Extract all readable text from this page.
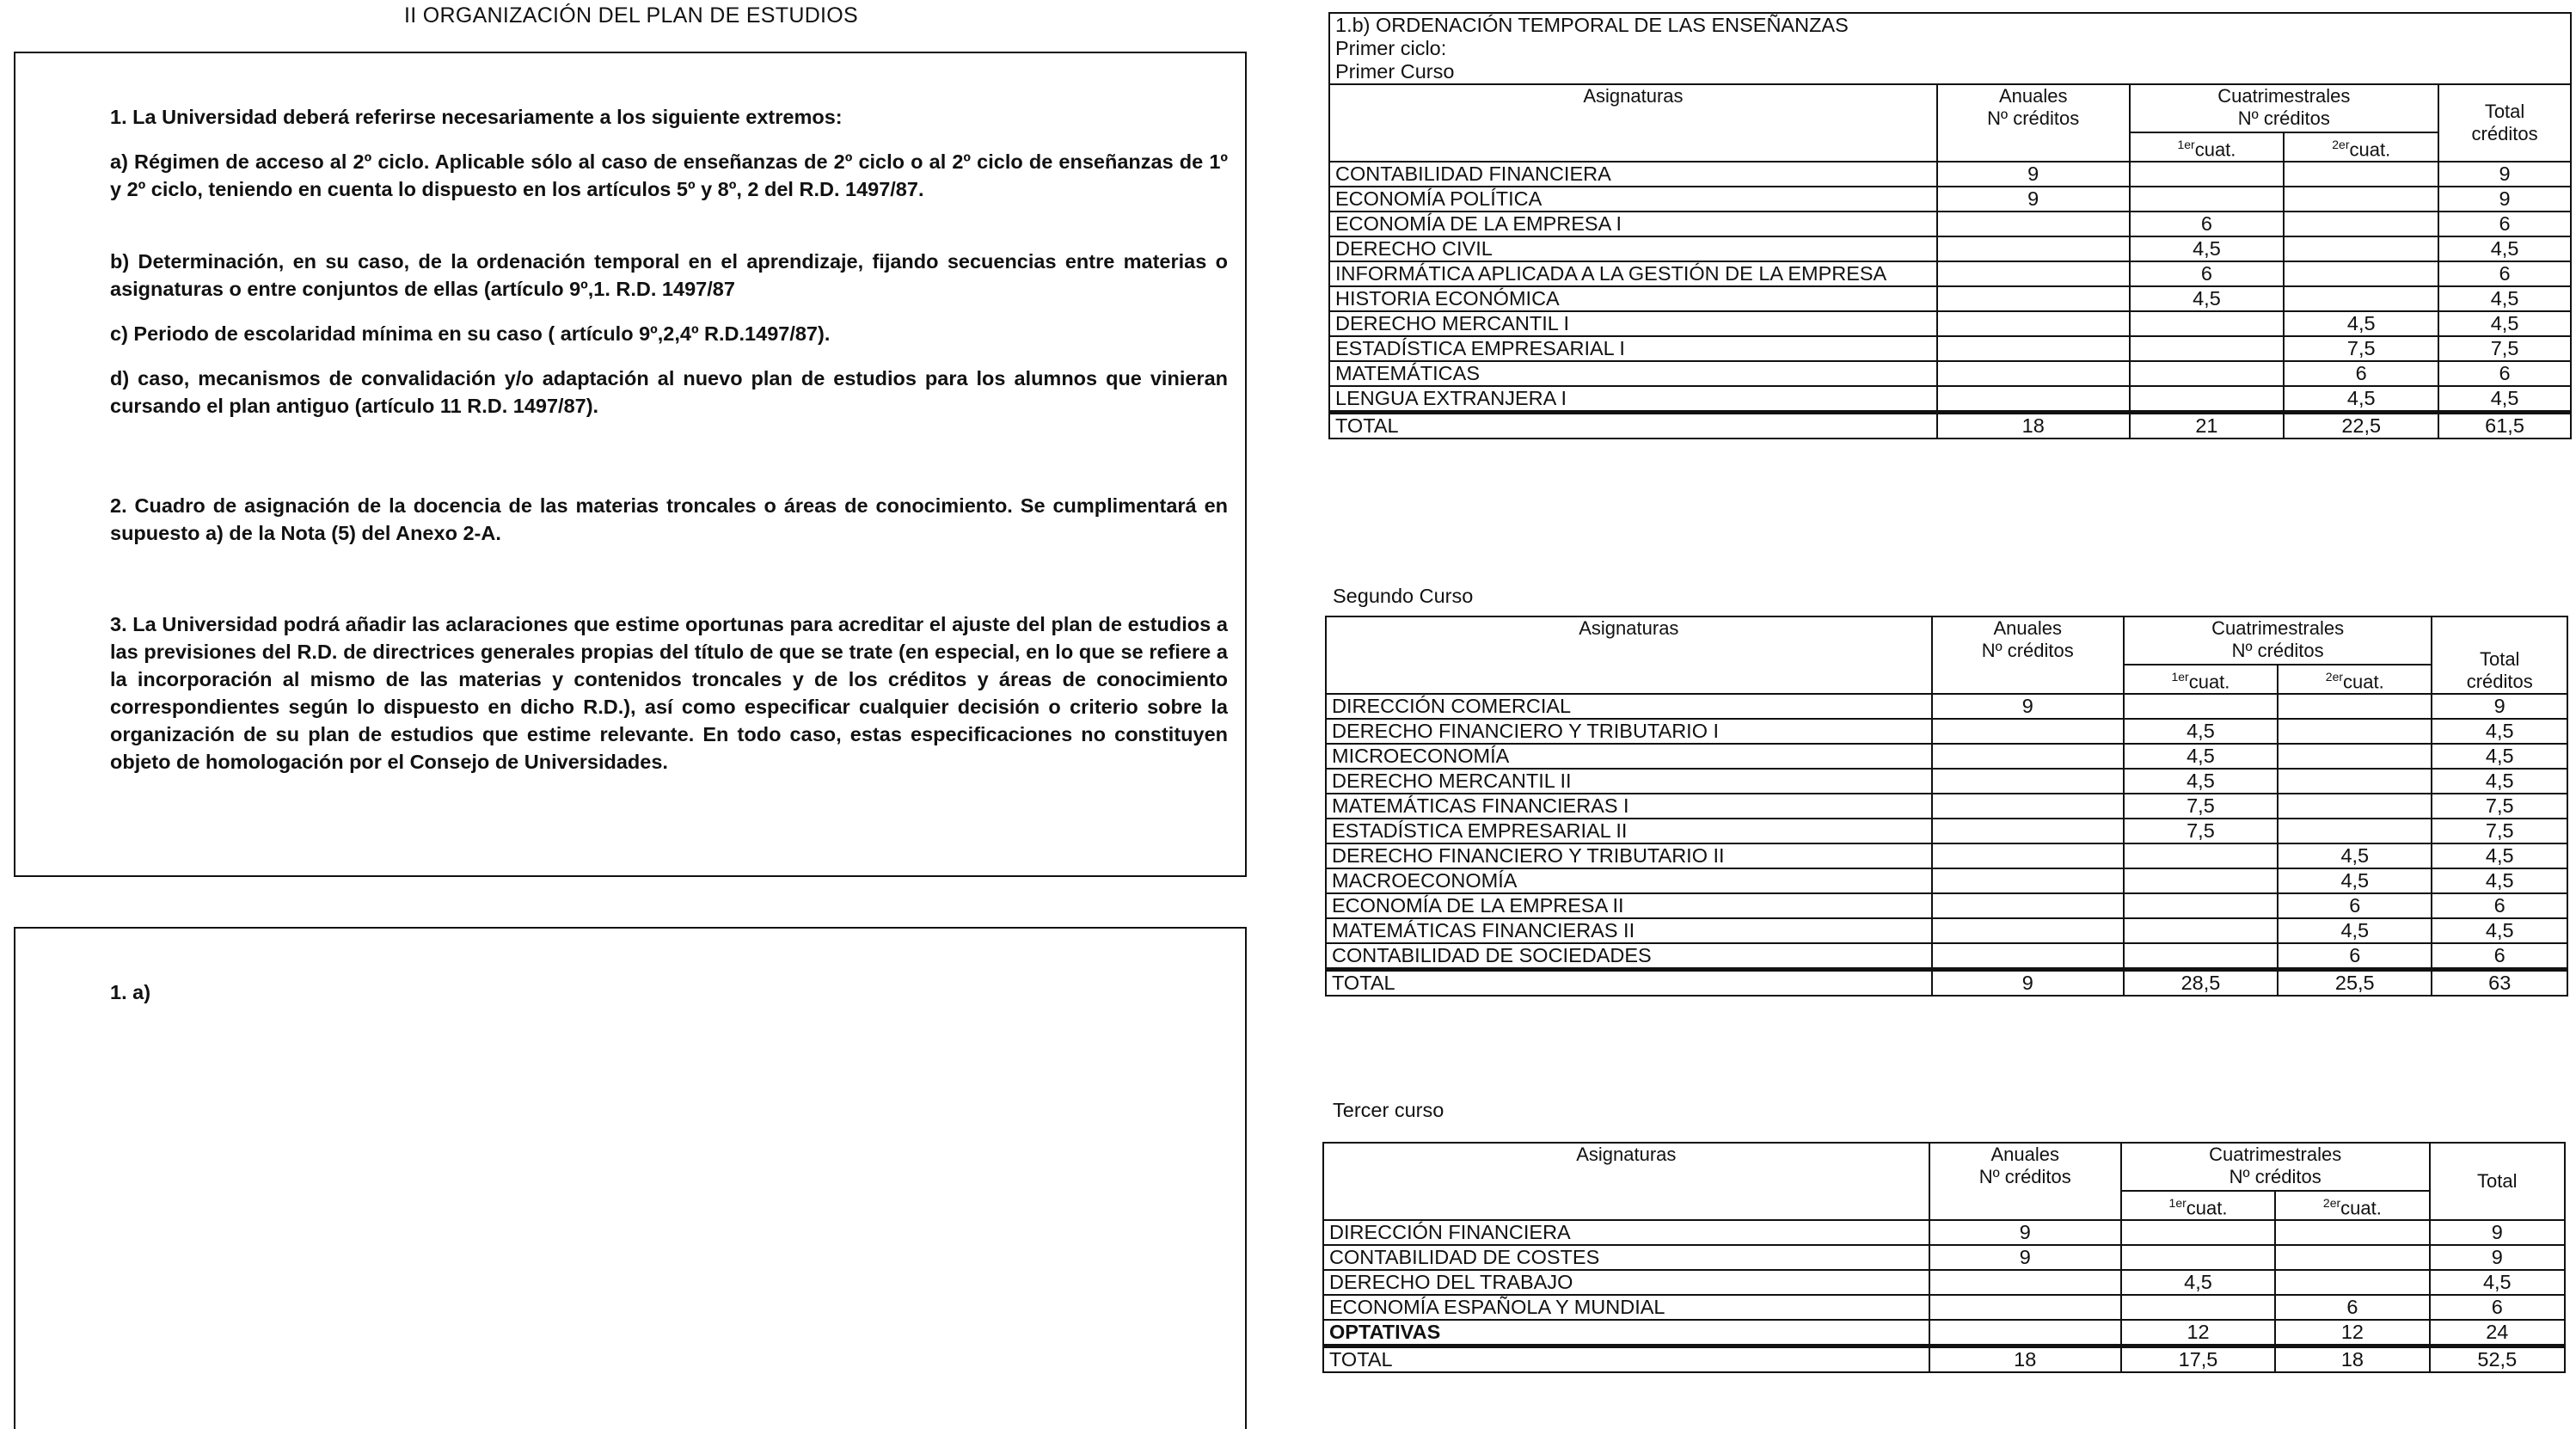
II ORGANIZACIÓN DEL PLAN DE ESTUDIOS

1. La Universidad deberá referirse necesariamente a los siguiente extremos:

a) Régimen de acceso al 2º ciclo. Aplicable sólo al caso de enseñanzas de 2º ciclo o al 2º ciclo de enseñanzas de 1º y 2º ciclo, teniendo en cuenta lo dispuesto en los artículos 5º y 8º, 2 del R.D. 1497/87.

b) Determinación, en su caso, de la ordenación temporal en el aprendizaje, fijando secuencias entre materias o asignaturas o entre conjuntos de ellas (artículo 9º,1. R.D. 1497/87

c) Periodo de escolaridad mínima en su caso ( artículo 9º,2,4º R.D.1497/87).

d) caso, mecanismos de convalidación y/o adaptación al nuevo plan de estudios para los alumnos que vinieran cursando el plan antiguo (artículo 11 R.D. 1497/87).

2. Cuadro de asignación de la docencia de las materias troncales o áreas de conocimiento. Se cumplimentará en supuesto a) de la Nota (5) del Anexo 2-A.

3. La Universidad podrá añadir las aclaraciones que estime oportunas para acreditar el ajuste del plan de estudios a las previsiones del R.D. de directrices generales propias del título de que se trate (en especial, en lo que se refiere a la incorporación al mismo de las materias y contenidos troncales y de los créditos y áreas de conocimiento correspondientes según lo dispuesto en dicho R.D.), así como especificar cualquier decisión o criterio sobre la organización de su plan de estudios que estime relevante. En todo caso, estas especificaciones no constituyen objeto de homologación por el Consejo de Universidades.

1. a)

1.b) ORDENACIÓN TEMPORAL DE LAS ENSEÑANZAS
Primer ciclo:
Primer Curso				

Asignaturas	Anuales
Nº créditos	Cuatrimestrales
Nº créditos		Total
créditos
		$^{1er}$cuat.	$^{2er}$cuat.	
CONTABILIDAD FINANCIERA	9			9
ECONOMÍA POLÍTICA	9			9
ECONOMÍA DE LA EMPRESA I		6		6
DERECHO CIVIL		4,5		4,5
INFORMÁTICA APLICADA A LA GESTIÓN DE LA EMPRESA		6		6
HISTORIA ECONÓMICA		4,5		4,5
DERECHO MERCANTIL I			4,5	4,5
ESTADÍSTICA EMPRESARIAL I			7,5	7,5
MATEMÁTICAS			6	6
LENGUA EXTRANJERA I			4,5	4,5
TOTAL	18	21	22,5	61,5
Segundo Curso
Asignaturas	Anuales
Nº créditos	Cuatrimestrales
Nº créditos		Total
créditos
		$^{1er}$cuat.	$^{2er}$cuat.	
DIRECCIÓN COMERCIAL	9			9
DERECHO FINANCIERO Y TRIBUTARIO I		4,5		4,5
MICROECONOMÍA		4,5		4,5
DERECHO MERCANTIL II		4,5		4,5
MATEMÁTICAS FINANCIERAS I		7,5		7,5
ESTADÍSTICA EMPRESARIAL II		7,5		7,5
DERECHO FINANCIERO Y TRIBUTARIO II			4,5	4,5
MACROECONOMÍA			4,5	4,5
ECONOMÍA DE LA EMPRESA II			6	6
MATEMÁTICAS FINANCIERAS II			4,5	4,5
CONTABILIDAD DE SOCIEDADES			6	6
TOTAL	9	28,5	25,5	63
Tercer curso
Asignaturas	Anuales
Nº créditos	Cuatrimestrales
Nº créditos		Total
		$^{1er}$cuat.	$^{2er}$cuat.	
DIRECCIÓN FINANCIERA	9			9
CONTABILIDAD DE COSTES	9			9
DERECHO DEL TRABAJO		4,5		4,5
ECONOMÍA ESPAÑOLA Y MUNDIAL			6	6
OPTATIVAS		12	12	24
TOTAL	18	17,5	18	52,5
